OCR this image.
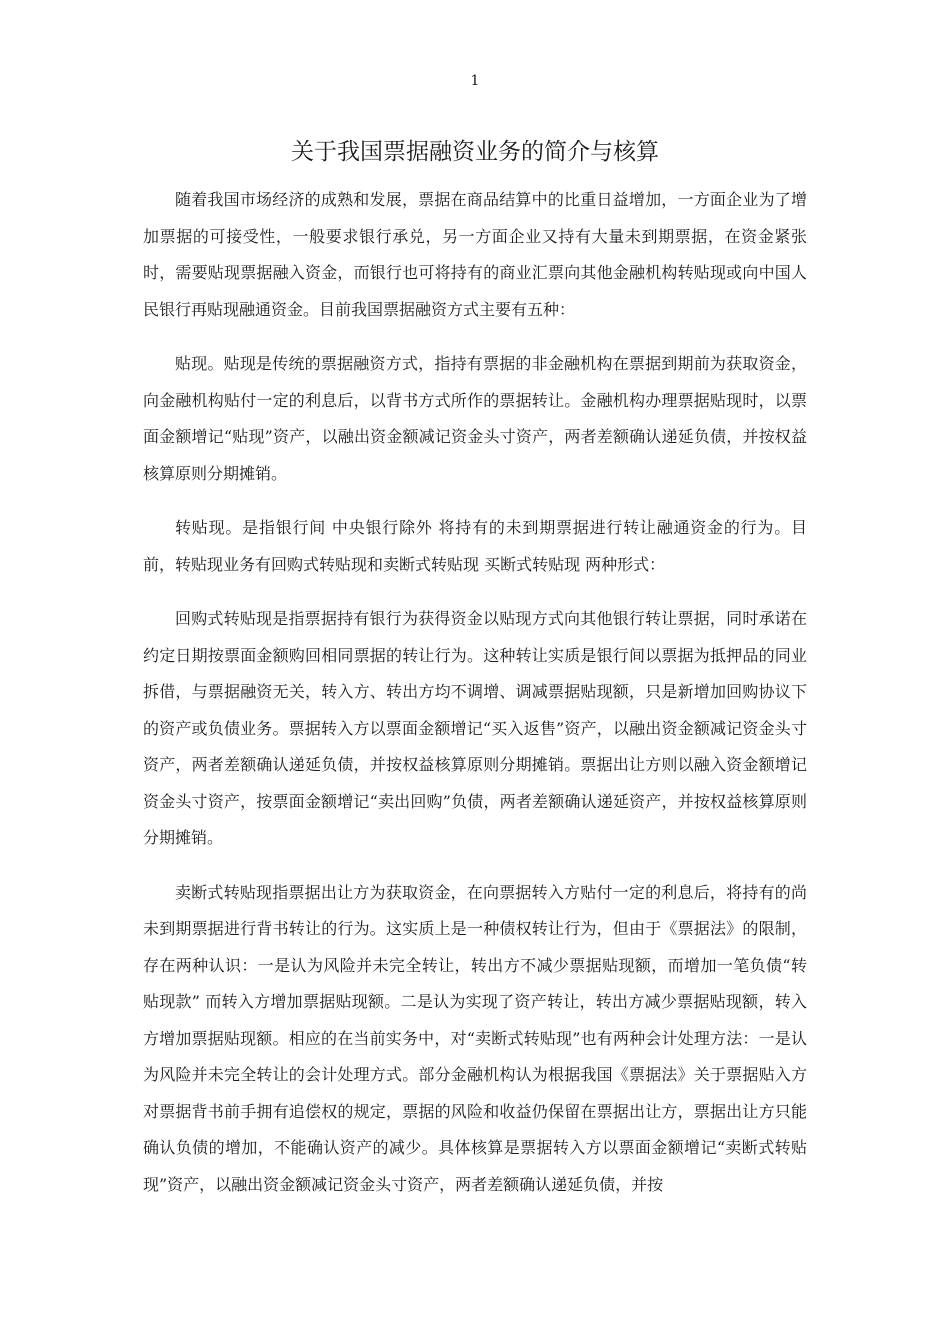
1
关于我国票据融资业务的简介与核算

随着我国市场经济的成熟和发展，票据在商品结算中的比重日益增加，一方面企业为了增加票据的可接受性，一般要求银行承兑，另一方面企业又持有大量未到期票据，在资金紧张时，需要贴现票据融入资金，而银行也可将持有的商业汇票向其他金融机构转贴现或向中国人民银行再贴现融通资金。目前我国票据融资方式主要有五种：

贴现。贴现是传统的票据融资方式，指持有票据的非金融机构在票据到期前为获取资金，向金融机构贴付一定的利息后，以背书方式所作的票据转让。金融机构办理票据贴现时，以票面金额增记“贴现”资产，以融出资金额减记资金头寸资产，两者差额确认递延负债，并按权益核算原则分期摊销。

转贴现。是指银行间 中央银行除外 将持有的未到期票据进行转让融通资金的行为。目前，转贴现业务有回购式转贴现和卖断式转贴现 买断式转贴现 两种形式：

回购式转贴现是指票据持有银行为获得资金以贴现方式向其他银行转让票据，同时承诺在约定日期按票面金额购回相同票据的转让行为。这种转让实质是银行间以票据为抵押品的同业拆借，与票据融资无关，转入方、转出方均不调增、调减票据贴现额，只是新增加回购协议下的资产或负债业务。票据转入方以票面金额增记“买入返售”资产，以融出资金额减记资金头寸资产，两者差额确认递延负债，并按权益核算原则分期摊销。票据出让方则以融入资金额增记资金头寸资产，按票面金额增记“卖出回购”负债，两者差额确认递延资产，并按权益核算原则分期摊销。

卖断式转贴现指票据出让方为获取资金，在向票据转入方贴付一定的利息后，将持有的尚未到期票据进行背书转让的行为。这实质上是一种债权转让行为，但由于《票据法》的限制，存在两种认识：一是认为风险并未完全转让，转出方不减少票据贴现额，而增加一笔负债“转贴现款” 而转入方增加票据贴现额。二是认为实现了资产转让，转出方减少票据贴现额，转入方增加票据贴现额。相应的在当前实务中，对“卖断式转贴现”也有两种会计处理方法：一是认为风险并未完全转让的会计处理方式。部分金融机构认为根据我国《票据法》关于票据贴入方对票据背书前手拥有追偿权的规定，票据的风险和收益仍保留在票据出让方，票据出让方只能确认负债的增加，不能确认资产的减少。具体核算是票据转入方以票面金额增记“卖断式转贴现”资产，以融出资金额减记资金头寸资产，两者差额确认递延负债，并按
